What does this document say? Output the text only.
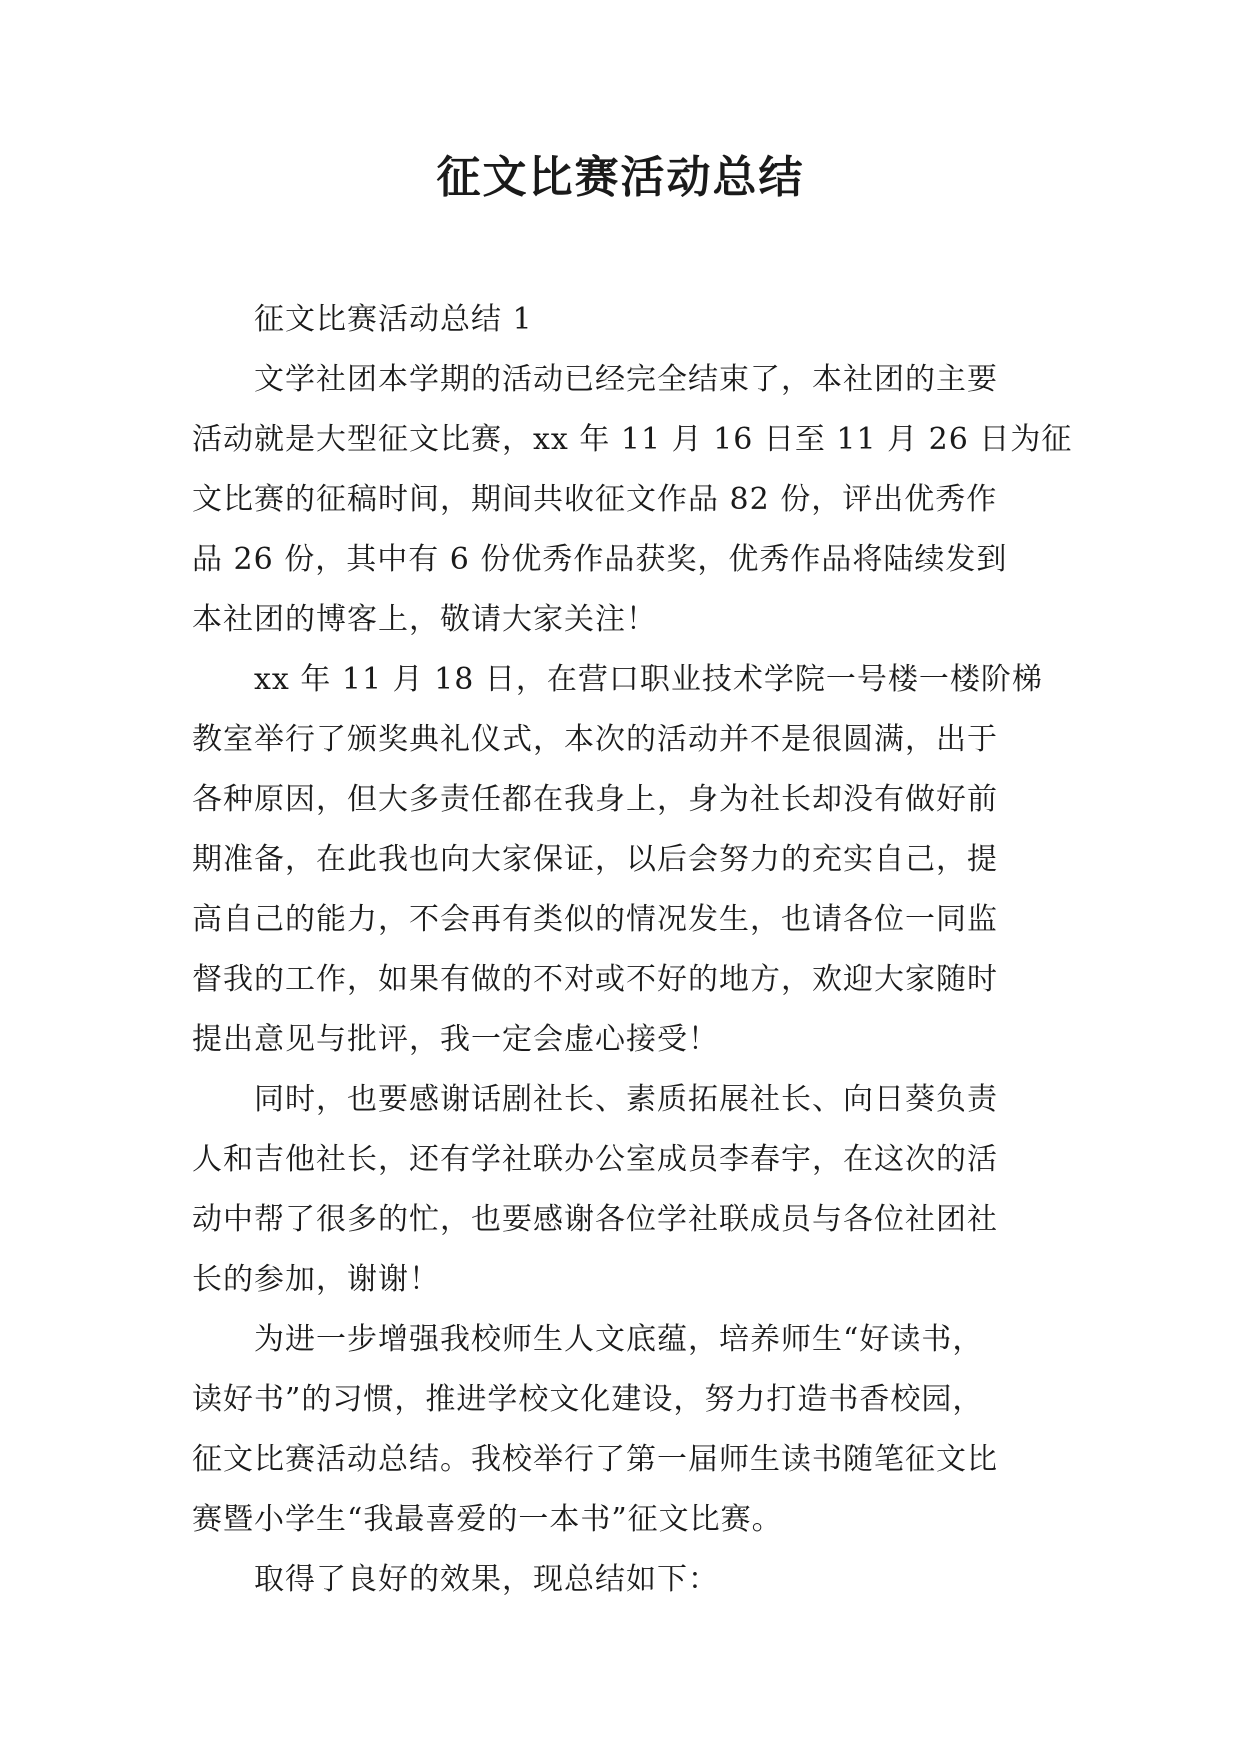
征文比赛活动总结

征文比赛活动总结 1

文学社团本学期的活动已经完全结束了，本社团的主要
活动就是大型征文比赛，xx 年 11 月 16 日至 11 月 26 日为征
文比赛的征稿时间，期间共收征文作品 82 份，评出优秀作
品 26 份，其中有 6 份优秀作品获奖，优秀作品将陆续发到
本社团的博客上，敬请大家关注！

xx 年 11 月 18 日，在营口职业技术学院一号楼一楼阶梯
教室举行了颁奖典礼仪式，本次的活动并不是很圆满，出于
各种原因，但大多责任都在我身上，身为社长却没有做好前
期准备，在此我也向大家保证，以后会努力的充实自己，提
高自己的能力，不会再有类似的情况发生，也请各位一同监
督我的工作，如果有做的不对或不好的地方，欢迎大家随时
提出意见与批评，我一定会虚心接受！

同时，也要感谢话剧社长、素质拓展社长、向日葵负责
人和吉他社长，还有学社联办公室成员李春宇，在这次的活
动中帮了很多的忙，也要感谢各位学社联成员与各位社团社
长的参加，谢谢！

为进一步增强我校师生人文底蕴，培养师生“好读书，
读好书”的习惯，推进学校文化建设，努力打造书香校园，
征文比赛活动总结。我校举行了第一届师生读书随笔征文比
赛暨小学生“我最喜爱的一本书”征文比赛。

取得了良好的效果，现总结如下：
